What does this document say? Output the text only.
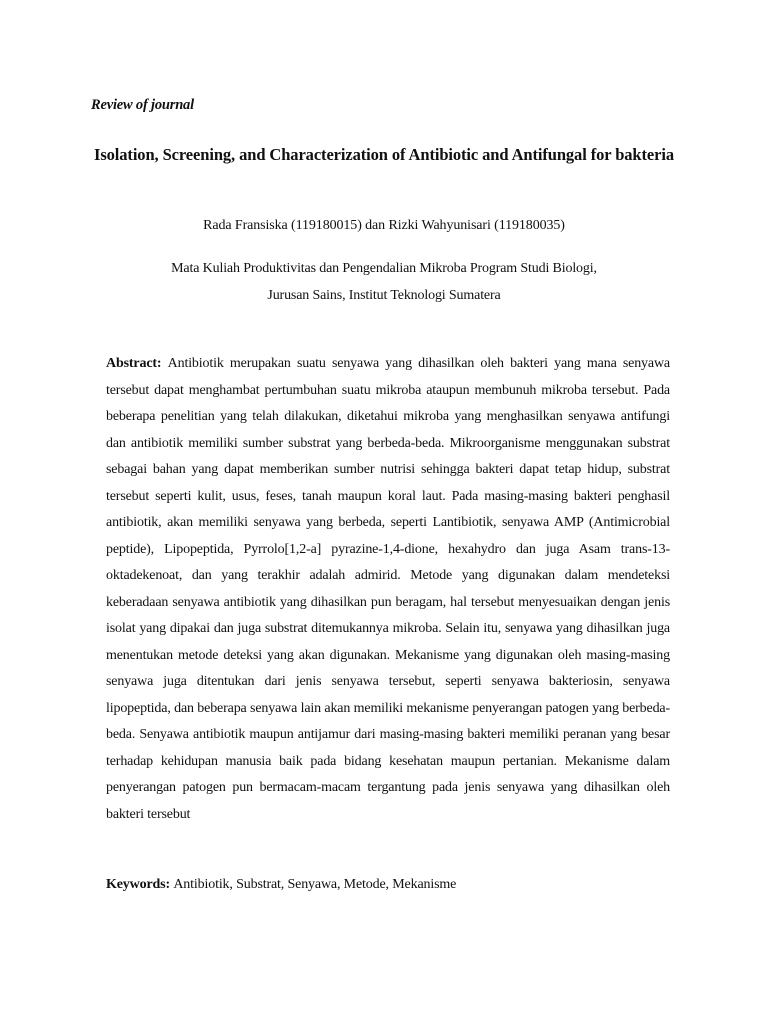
Review of journal
Isolation, Screening, and Characterization of Antibiotic and Antifungal for bakteria
Rada Fransiska (119180015) dan Rizki Wahyunisari (119180035)
Mata Kuliah Produktivitas dan Pengendalian Mikroba Program Studi Biologi,
Jurusan Sains, Institut Teknologi Sumatera
Abstract: Antibiotik merupakan suatu senyawa yang dihasilkan oleh bakteri yang mana senyawa tersebut dapat menghambat pertumbuhan suatu mikroba ataupun membunuh mikroba tersebut. Pada beberapa penelitian yang telah dilakukan, diketahui mikroba yang menghasilkan senyawa antifungi dan antibiotik memiliki sumber substrat yang berbeda-beda. Mikroorganisme menggunakan substrat sebagai bahan yang dapat memberikan sumber nutrisi sehingga bakteri dapat tetap hidup, substrat tersebut seperti kulit, usus, feses, tanah maupun koral laut. Pada masing-masing bakteri penghasil antibiotik, akan memiliki senyawa yang berbeda, seperti Lantibiotik, senyawa AMP (Antimicrobial peptide), Lipopeptida, Pyrrolo[1,2-a] pyrazine-1,4-dione, hexahydro dan juga Asam trans-13-oktadekenoat, dan yang terakhir adalah admirid. Metode yang digunakan dalam mendeteksi keberadaan senyawa antibiotik yang dihasilkan pun beragam, hal tersebut menyesuaikan dengan jenis isolat yang dipakai dan juga substrat ditemukannya mikroba. Selain itu, senyawa yang dihasilkan juga menentukan metode deteksi yang akan digunakan. Mekanisme yang digunakan oleh masing-masing senyawa juga ditentukan dari jenis senyawa tersebut, seperti senyawa bakteriosin, senyawa lipopeptida, dan beberapa senyawa lain akan memiliki mekanisme penyerangan patogen yang berbeda-beda. Senyawa antibiotik maupun antijamur dari masing-masing bakteri memiliki peranan yang besar terhadap kehidupan manusia baik pada bidang kesehatan maupun pertanian. Mekanisme dalam penyerangan patogen pun bermacam-macam tergantung pada jenis senyawa yang dihasilkan oleh bakteri tersebut
Keywords: Antibiotik, Substrat, Senyawa, Metode, Mekanisme
